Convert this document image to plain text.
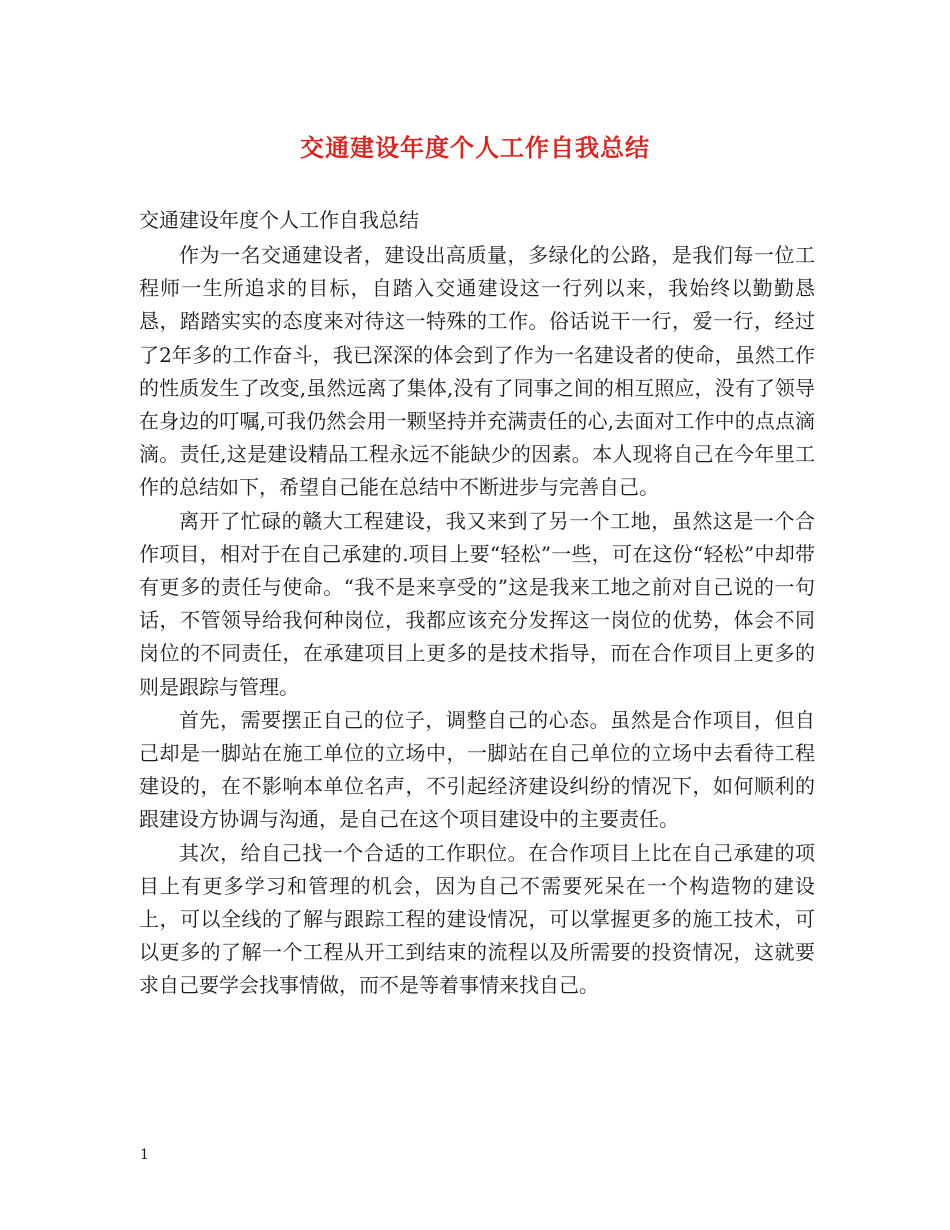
交通建设年度个人工作自我总结
交通建设年度个人工作自我总结

作为一名交通建设者，建设出高质量，多绿化的公路，是我们每一位工程师一生所追求的目标，自踏入交通建设这一行列以来，我始终以勤勤恳恳，踏踏实实的态度来对待这一特殊的工作。俗话说干一行，爱一行，经过了2年多的工作奋斗，我已深深的体会到了作为一名建设者的使命，虽然工作的性质发生了改变,虽然远离了集体,没有了同事之间的相互照应，没有了领导在身边的叮嘱,可我仍然会用一颗坚持并充满责任的心,去面对工作中的点点滴滴。责任,这是建设精品工程永远不能缺少的因素。本人现将自己在今年里工作的总结如下，希望自己能在总结中不断进步与完善自己。

离开了忙碌的赣大工程建设，我又来到了另一个工地，虽然这是一个合作项目，相对于在自己承建的.项目上要“轻松”一些，可在这份“轻松”中却带有更多的责任与使命。“我不是来享受的”这是我来工地之前对自己说的一句话，不管领导给我何种岗位，我都应该充分发挥这一岗位的优势，体会不同岗位的不同责任，在承建项目上更多的是技术指导，而在合作项目上更多的则是跟踪与管理。

首先，需要摆正自己的位子，调整自己的心态。虽然是合作项目，但自己却是一脚站在施工单位的立场中，一脚站在自己单位的立场中去看待工程建设的，在不影响本单位名声，不引起经济建设纠纷的情况下，如何顺利的跟建设方协调与沟通，是自己在这个项目建设中的主要责任。

其次，给自己找一个合适的工作职位。在合作项目上比在自己承建的项目上有更多学习和管理的机会，因为自己不需要死呆在一个构造物的建设上，可以全线的了解与跟踪工程的建设情况，可以掌握更多的施工技术，可以更多的了解一个工程从开工到结束的流程以及所需要的投资情况，这就要求自己要学会找事情做，而不是等着事情来找自己。

1
